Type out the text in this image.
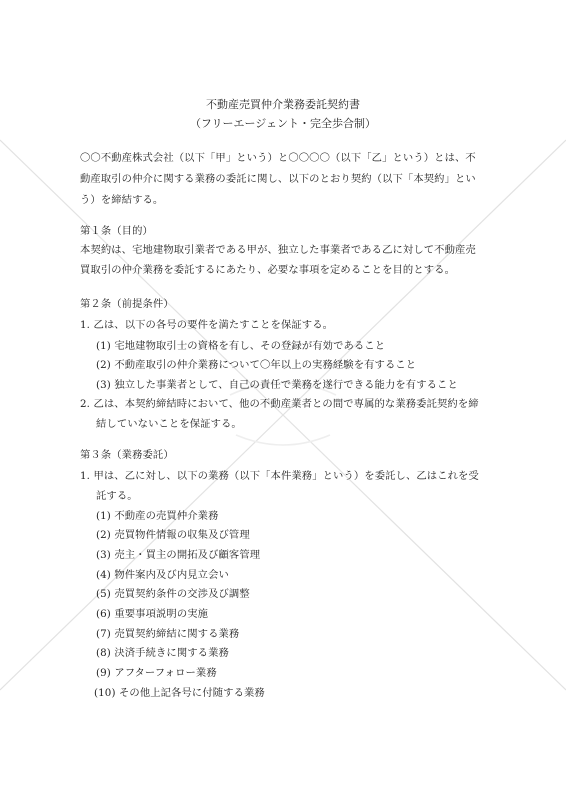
不動産売買仲介業務委託契約書
（フリーエージェント・完全歩合制）
〇〇不動産株式会社（以下「甲」という）と〇〇〇〇（以下「乙」という）とは、不
動産取引の仲介に関する業務の委託に関し、以下のとおり契約（以下「本契約」とい
う）を締結する。
第１条（目的）
本契約は、宅地建物取引業者である甲が、独立した事業者である乙に対して不動産売
買取引の仲介業務を委託するにあたり、必要な事項を定めることを目的とする。
第２条（前提条件）
1. 乙は、以下の各号の要件を満たすことを保証する。
(1) 宅地建物取引士の資格を有し、その登録が有効であること
(2) 不動産取引の仲介業務について〇年以上の実務経験を有すること
(3) 独立した事業者として、自己の責任で業務を遂行できる能力を有すること
2. 乙は、本契約締結時において、他の不動産業者との間で専属的な業務委託契約を締
結していないことを保証する。
第３条（業務委託）
1. 甲は、乙に対し、以下の業務（以下「本件業務」という）を委託し、乙はこれを受
託する。
(1) 不動産の売買仲介業務
(2) 売買物件情報の収集及び管理
(3) 売主・買主の開拓及び顧客管理
(4) 物件案内及び内見立会い
(5) 売買契約条件の交渉及び調整
(6) 重要事項説明の実施
(7) 売買契約締結に関する業務
(8) 決済手続きに関する業務
(9) アフターフォロー業務
(10) その他上記各号に付随する業務
